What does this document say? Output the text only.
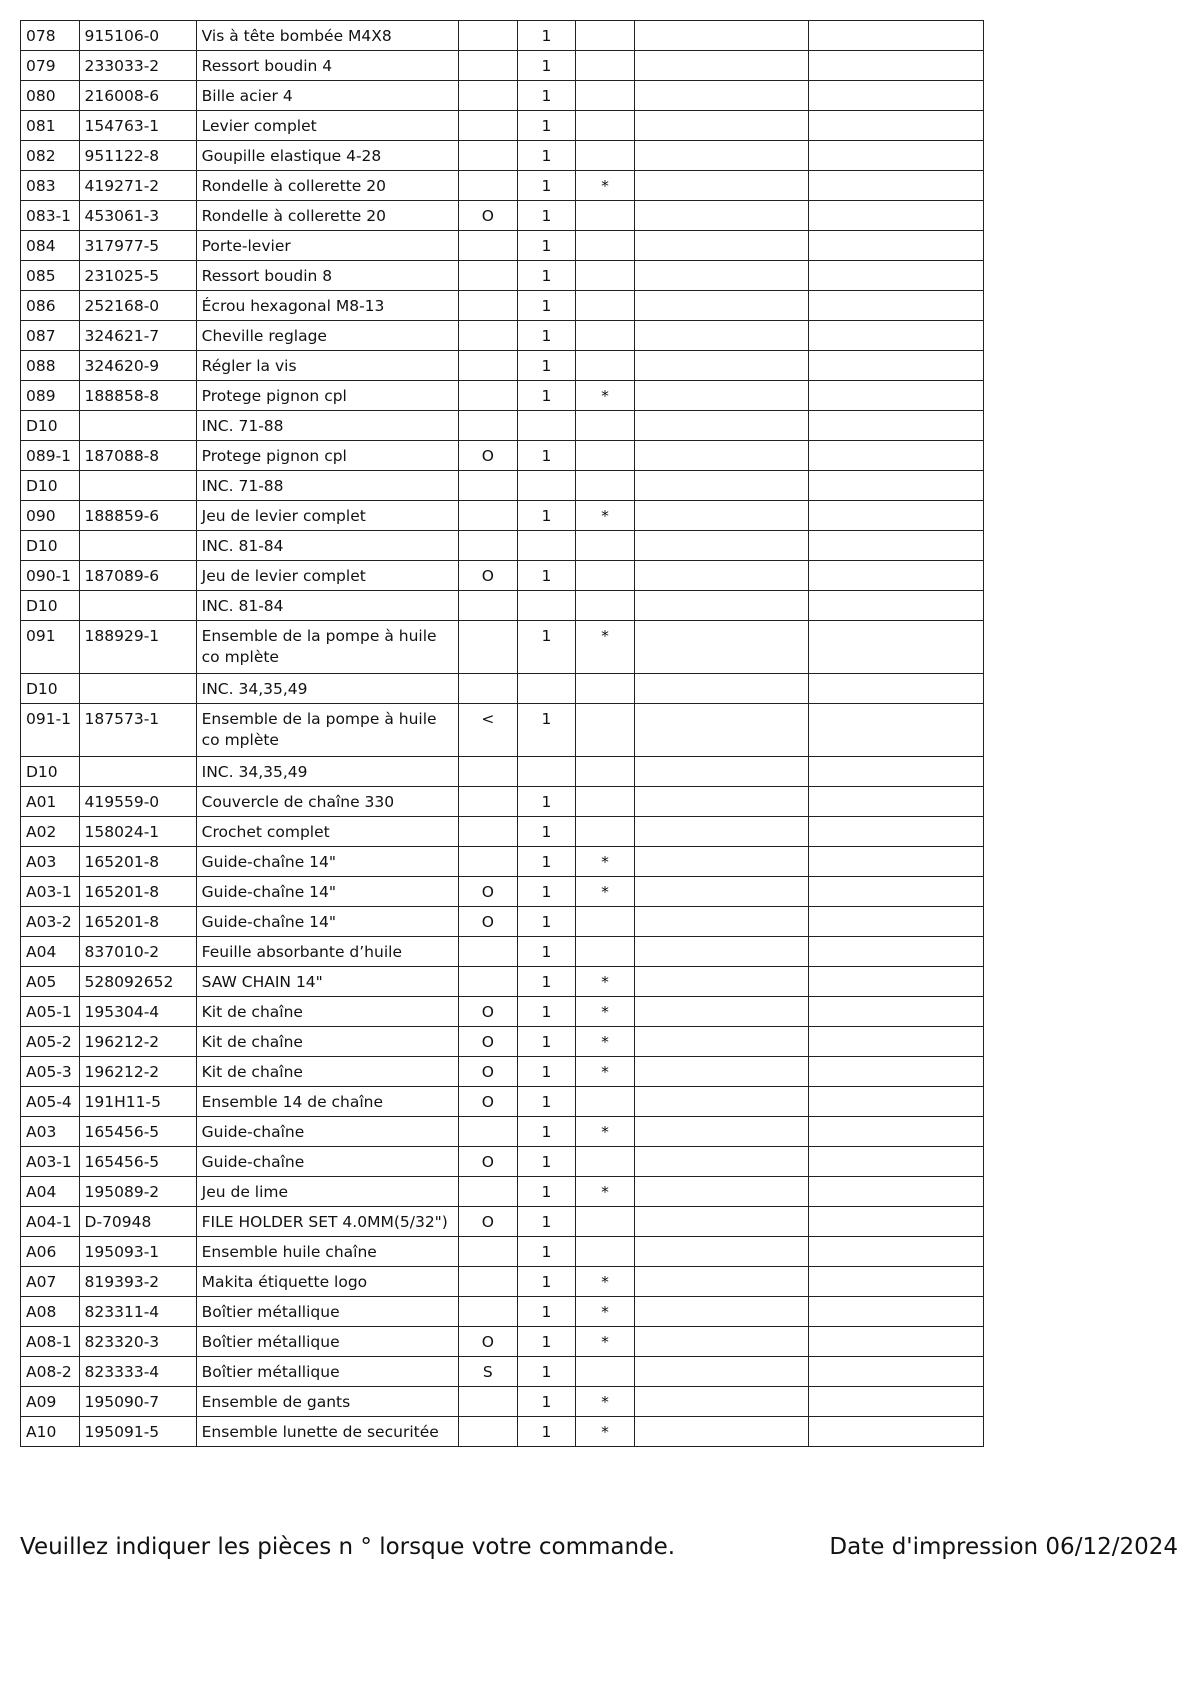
078	915106-0	Vis à tête bombée M4X8		1			
079	233033-2	Ressort boudin 4		1			
080	216008-6	Bille acier 4		1			
081	154763-1	Levier complet		1			
082	951122-8	Goupille elastique 4-28		1			
083	419271-2	Rondelle à collerette 20		1	*		
083-1	453061-3	Rondelle à collerette 20	O	1			
084	317977-5	Porte-levier		1			
085	231025-5	Ressort boudin 8		1			
086	252168-0	Écrou hexagonal M8-13		1			
087	324621-7	Cheville reglage		1			
088	324620-9	Régler la vis		1			
089	188858-8	Protege pignon cpl		1	*		
D10		INC. 71-88					
089-1	187088-8	Protege pignon cpl	O	1			
D10		INC. 71-88					
090	188859-6	Jeu de levier complet		1	*		
D10		INC. 81-84					
090-1	187089-6	Jeu de levier complet	O	1			
D10		INC. 81-84					
091	188929-1	Ensemble de la pompe à huile co mplète		1	*		
D10		INC. 34,35,49					
091-1	187573-1	Ensemble de la pompe à huile co mplète	<	1			
D10		INC. 34,35,49					
A01	419559-0	Couvercle de chaîne 330		1			
A02	158024-1	Crochet complet		1			
A03	165201-8	Guide-chaîne 14"		1	*		
A03-1	165201-8	Guide-chaîne 14"	O	1	*		
A03-2	165201-8	Guide-chaîne 14"	O	1			
A04	837010-2	Feuille absorbante d’huile		1			
A05	528092652	SAW CHAIN 14"		1	*		
A05-1	195304-4	Kit de chaîne	O	1	*		
A05-2	196212-2	Kit de chaîne	O	1	*		
A05-3	196212-2	Kit de chaîne	O	1	*		
A05-4	191H11-5	Ensemble 14 de chaîne	O	1			
A03	165456-5	Guide-chaîne		1	*		
A03-1	165456-5	Guide-chaîne	O	1			
A04	195089-2	Jeu de lime		1	*		
A04-1	D-70948	FILE HOLDER SET 4.0MM(5/32")	O	1			
A06	195093-1	Ensemble huile chaîne		1			
A07	819393-2	Makita étiquette logo		1	*		
A08	823311-4	Boîtier métallique		1	*		
A08-1	823320-3	Boîtier métallique	O	1	*		
A08-2	823333-4	Boîtier métallique	S	1			
A09	195090-7	Ensemble de gants		1	*		
A10	195091-5	Ensemble lunette de securitée		1	*		
Veuillez indiquer les pièces n ° lorsque votre commande.	Date d'impression 06/12/2024
